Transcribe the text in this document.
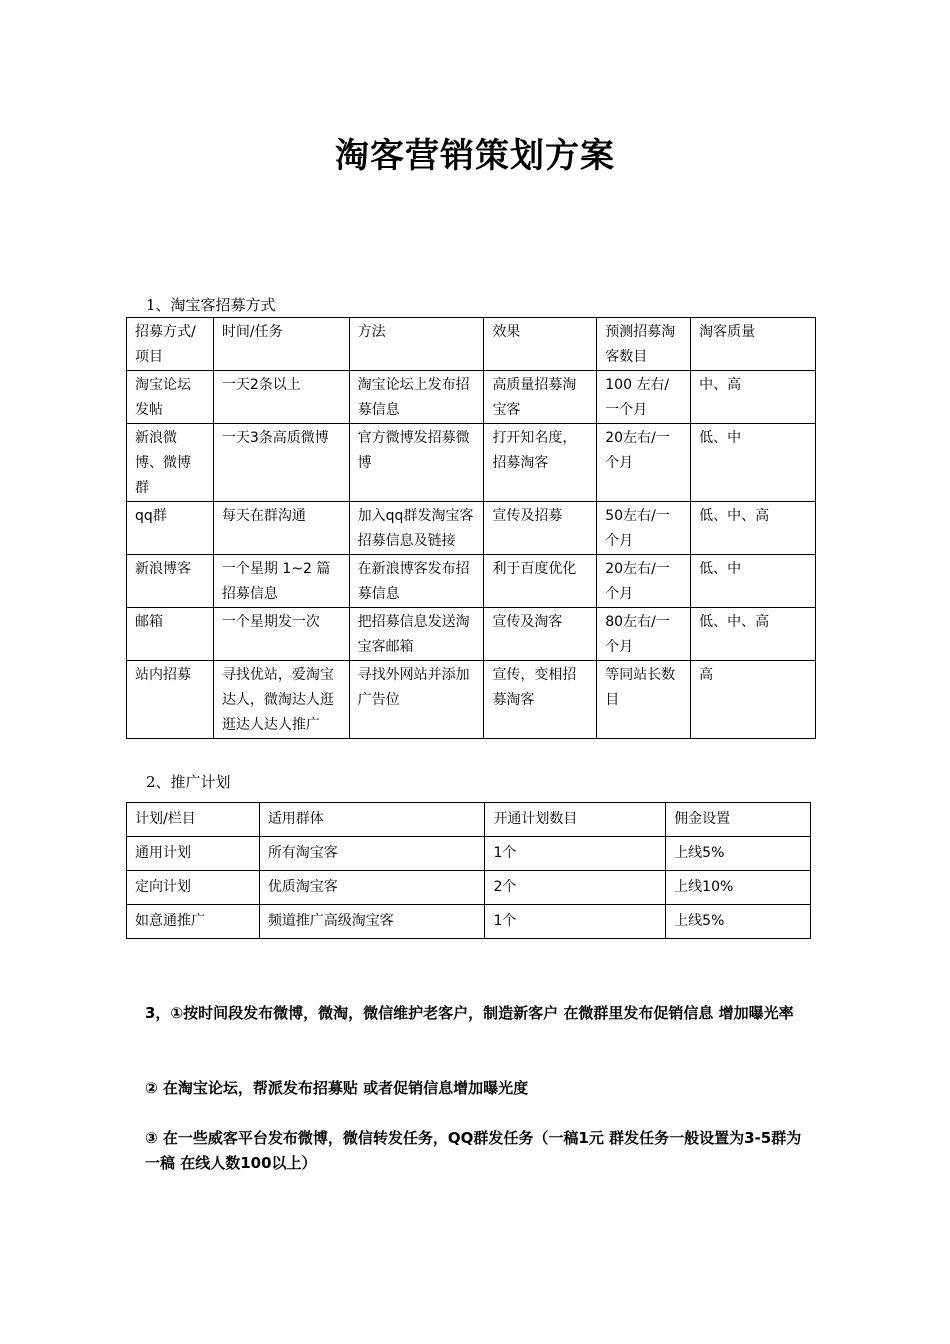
淘客营销策划方案
1、淘宝客招募方式
招募方式/项目	时间/任务	方法	效果	预测招募淘客数目	淘客质量
淘宝论坛发帖	一天2条以上	淘宝论坛上发布招募信息	高质量招募淘宝客	100 左右/一个月	中、高
新浪微博、微博群	一天3条高质微博	官方微博发招募微博	打开知名度，招募淘客	20左右/一个月	低、中
qq群	每天在群沟通	加入qq群发淘宝客招募信息及链接	宣传及招募	50左右/一个月	低、中、高
新浪博客	一个星期 1~2 篇招募信息	在新浪博客发布招募信息	利于百度优化	20左右/一个月	低、中
邮箱	一个星期发一次	把招募信息发送淘宝客邮箱	宣传及淘客	80左右/一个月	低、中、高
站内招募	寻找优站，爱淘宝达人，微淘达人逛逛达人达人推广	寻找外网站并添加广告位	宣传，变相招募淘客	等同站长数目	高
2、推广计划
计划/栏目	适用群体	开通计划数目	佣金设置
通用计划	所有淘宝客	1个	上线5%
定向计划	优质淘宝客	2个	上线10%
如意通推广	频道推广高级淘宝客	1个	上线5%
3，①按时间段发布微博，微淘，微信维护老客户，制造新客户 在微群里发布促销信息 增加曝光率
② 在淘宝论坛，帮派发布招募贴 或者促销信息增加曝光度
③ 在一些威客平台发布微博，微信转发任务，QQ群发任务（一稿1元 群发任务一般设置为3-5群为一稿 在线人数100以上）
